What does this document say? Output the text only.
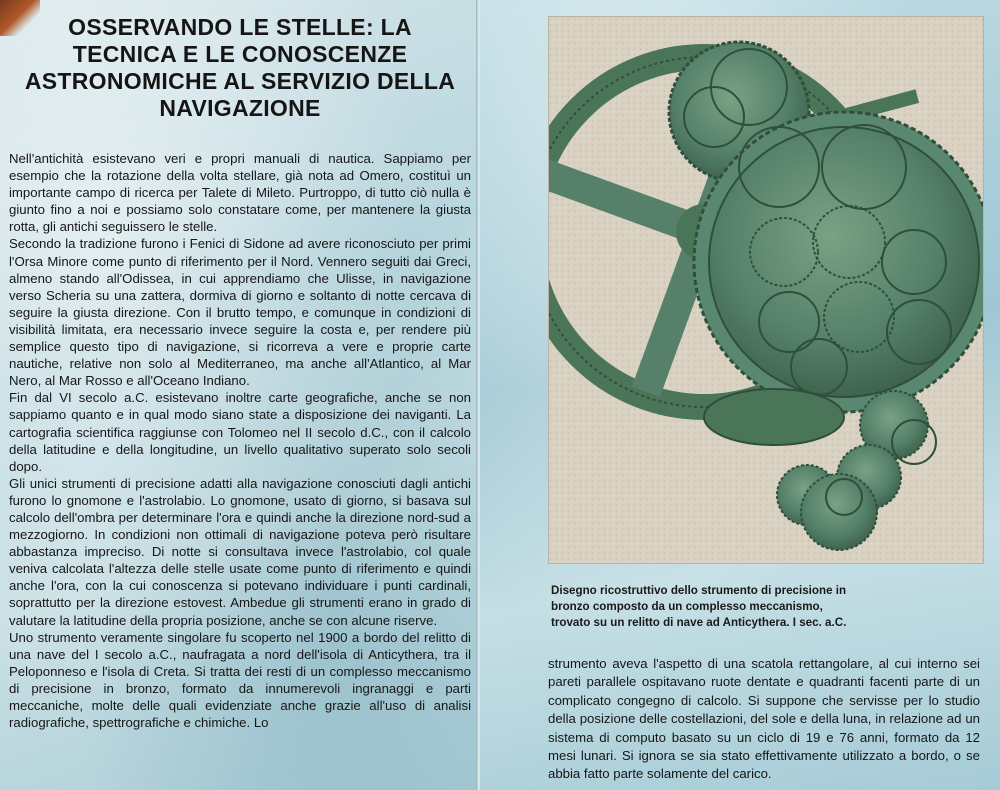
OSSERVANDO LE STELLE: LA TECNICA E LE CONOSCENZE ASTRONOMICHE AL SERVIZIO DELLA NAVIGAZIONE

Nell'antichità esistevano veri e propri manuali di nautica. Sappiamo per esempio che la rotazione della volta stellare, già nota ad Omero, costituì un importante campo di ricerca per Talete di Mileto. Purtroppo, di tutto ciò nulla è giunto fino a noi e possiamo solo constatare come, per mantenere la giusta rotta, gli antichi seguissero le stelle.

Secondo la tradizione furono i Fenici di Sidone ad avere riconosciuto per primi l'Orsa Minore come punto di riferimento per il Nord. Vennero seguiti dai Greci, almeno stando all'Odissea, in cui apprendiamo che Ulisse, in navigazione verso Scheria su una zattera, dormiva di giorno e soltanto di notte cercava di seguire la giusta direzione. Con il brutto tempo, e comunque in condizioni di visibilità limitata, era necessario invece seguire la costa e, per rendere più semplice questo tipo di navigazione, si ricorreva a vere e proprie carte nautiche, relative non solo al Mediterraneo, ma anche all'Atlantico, al Mar Nero, al Mar Rosso e all'Oceano Indiano.

Fin dal VI secolo a.C. esistevano inoltre carte geografiche, anche se non sappiamo quanto e in qual modo siano state a disposizione dei naviganti. La cartografia scientifica raggiunse con Tolomeo nel II secolo d.C., con il calcolo della latitudine e della longitudine, un livello qualitativo superato solo secoli dopo.

Gli unici strumenti di precisione adatti alla navigazione conosciuti dagli antichi furono lo gnomone e l'astrolabio. Lo gnomone, usato di giorno, si basava sul calcolo dell'ombra per determinare l'ora e quindi anche la direzione nord-sud a mezzogiorno. In condizioni non ottimali di navigazione poteva però risultare abbastanza impreciso. Di notte si consultava invece l'astrolabio, col quale veniva calcolata l'altezza delle stelle usate come punto di riferimento e quindi anche l'ora, con la cui conoscenza si potevano individuare i punti cardinali, soprattutto per la direzione estovest. Ambedue gli strumenti erano in grado di valutare la latitudine della propria posizione, anche se con alcune riserve.

Uno strumento veramente singolare fu scoperto nel 1900 a bordo del relitto di una nave del I secolo a.C., naufragata a nord dell'isola di Anticythera, tra il Peloponneso e l'isola di Creta. Si tratta dei resti di un complesso meccanismo di precisione in bronzo, formato da innumerevoli ingranaggi e parti meccaniche, molte delle quali evidenziate anche grazie all'uso di analisi radiografiche, spettrografiche e chimiche. Lo

Disegno ricostruttivo dello strumento di precisione in bronzo composto da un complesso meccanismo, trovato su un relitto di nave ad Anticythera. I sec. a.C.

strumento aveva l'aspetto di una scatola rettangolare, al cui interno sei pareti parallele ospitavano ruote dentate e quadranti facenti parte di un complicato congegno di calcolo. Si suppone che servisse per lo studio della posizione delle costellazioni, del sole e della luna, in relazione ad un sistema di computo basato su un ciclo di 19 e 76 anni, formato da 12 mesi lunari. Si ignora se sia stato effettivamente utilizzato a bordo, o se abbia fatto parte solamente del carico.
